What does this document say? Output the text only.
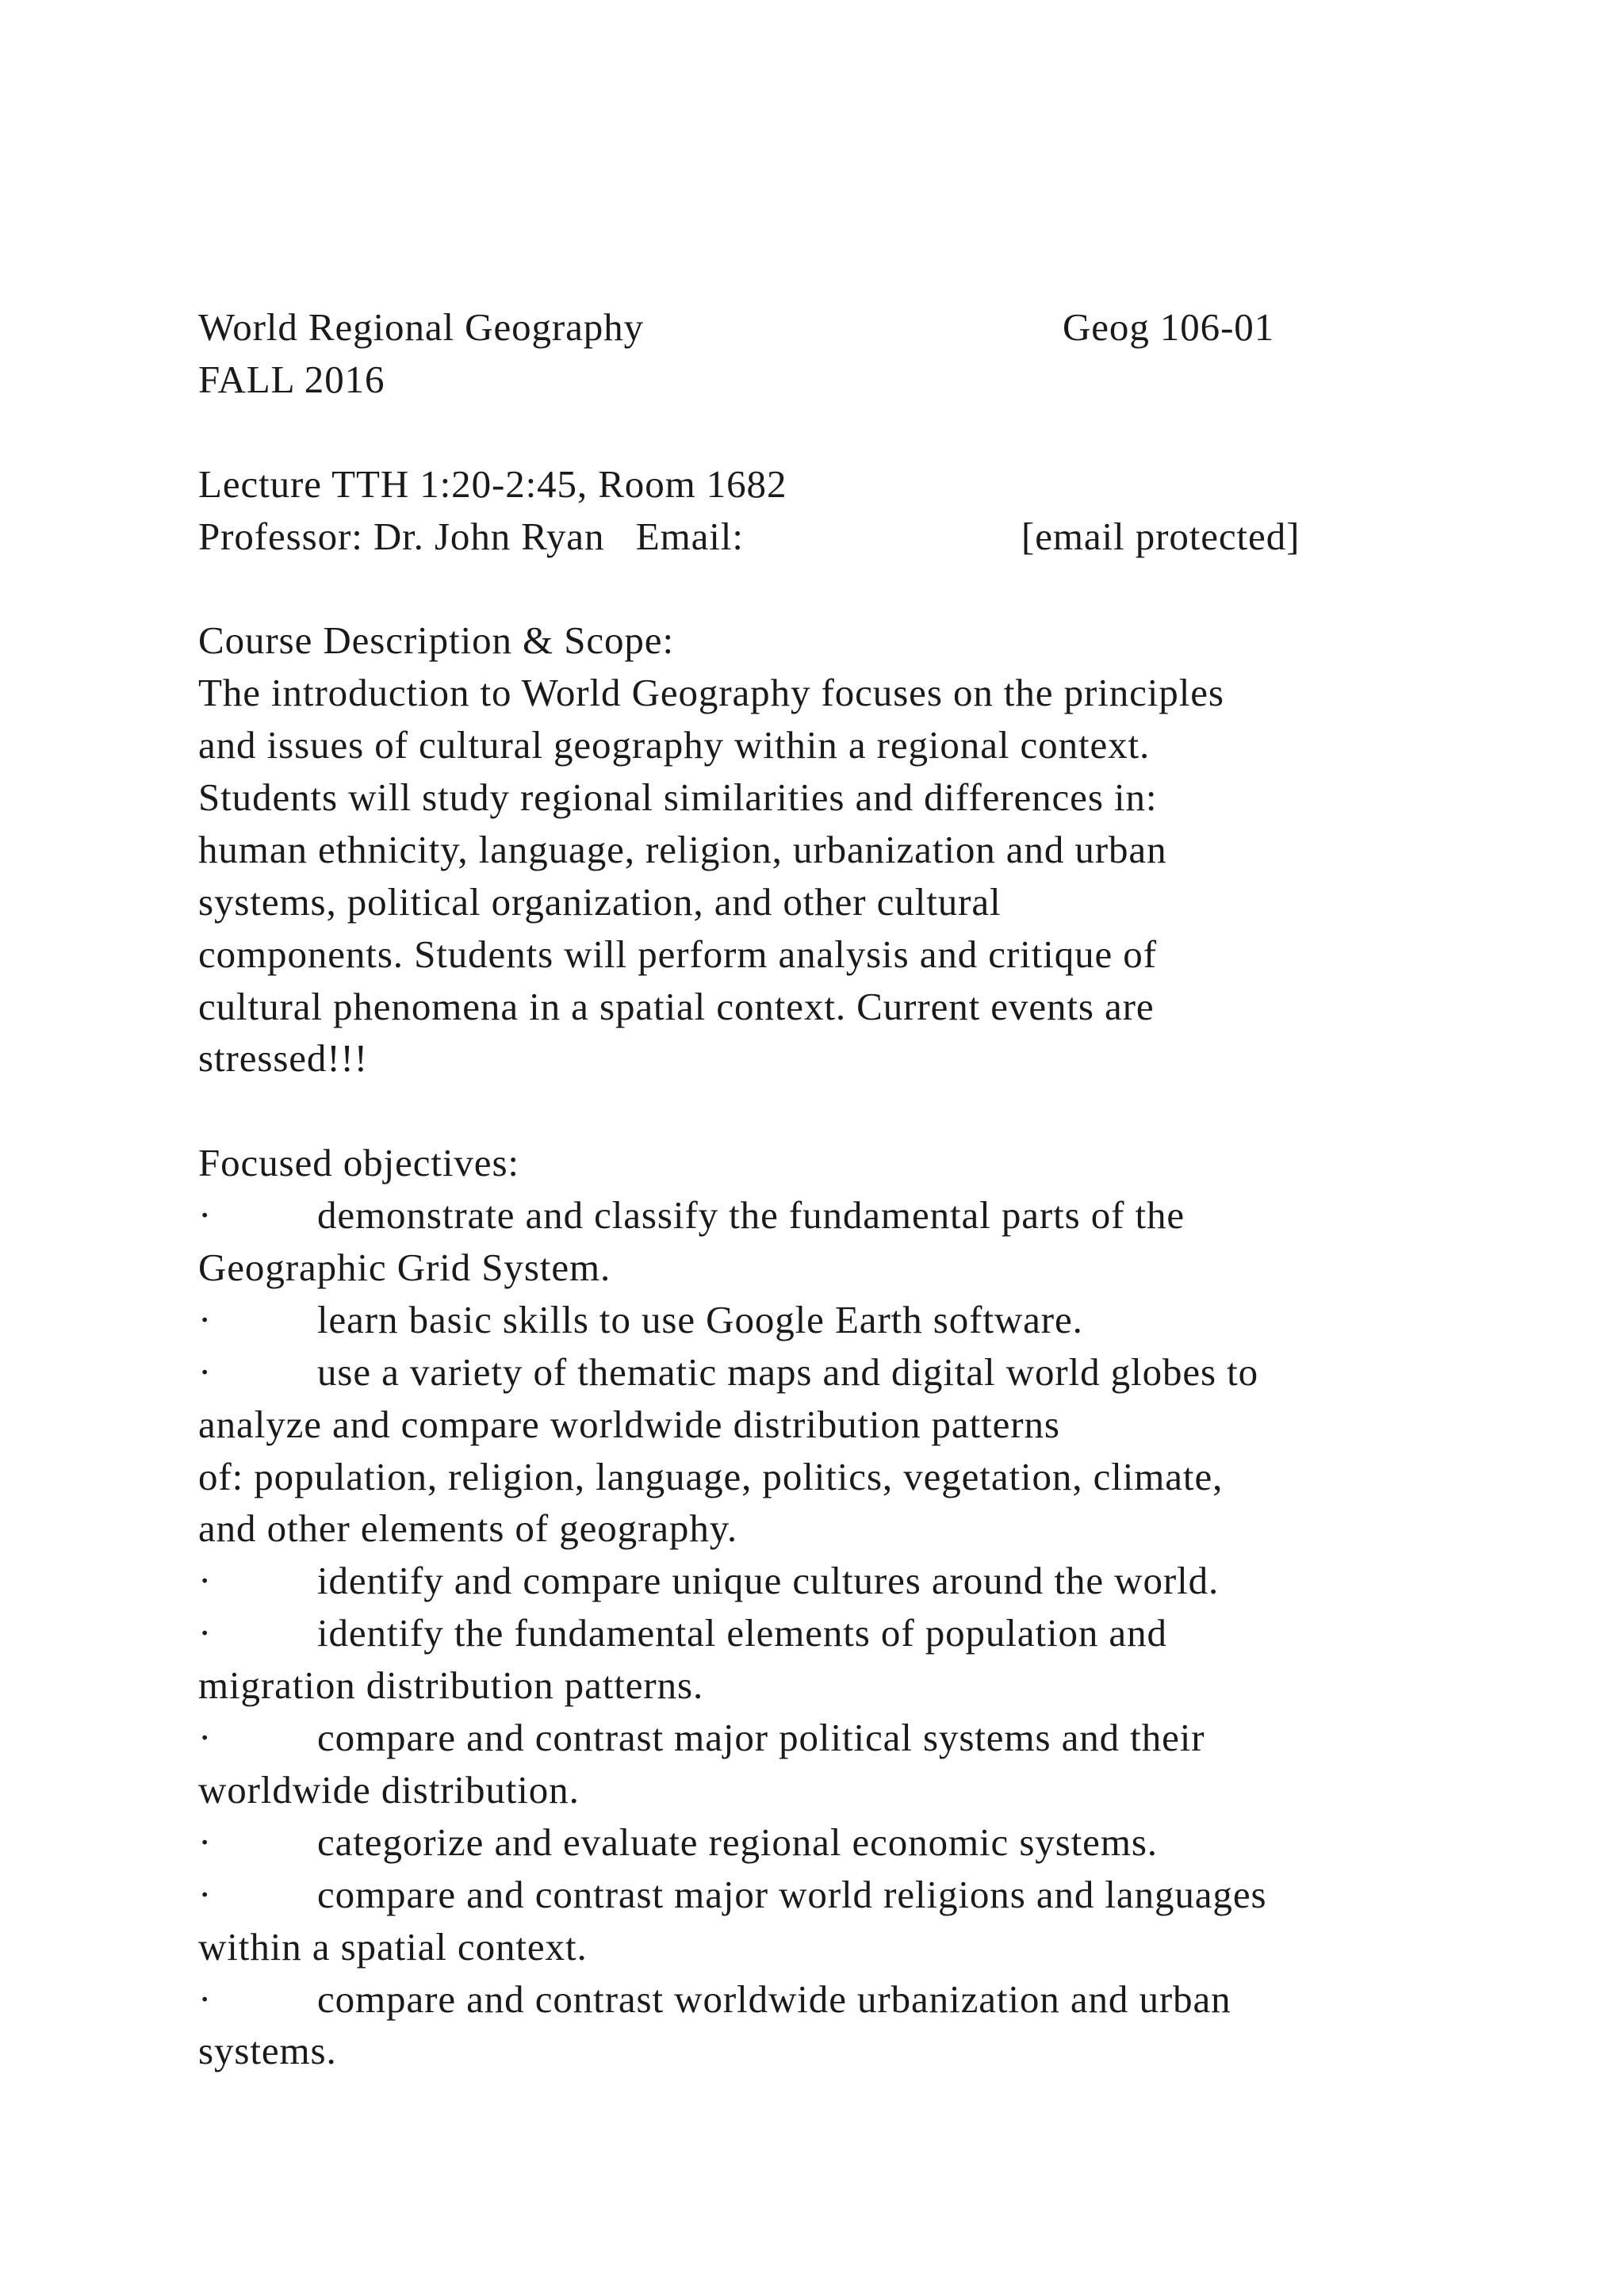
World Regional Geography	Geog 106-01
FALL 2016
Lecture TTH 1:20-2:45, Room 1682
Professor: Dr. John Ryan Email:	[email protected]
Course Description & Scope:
The introduction to World Geography focuses on the principles
and issues of cultural geography within a regional context.
Students will study regional similarities and differences in:
human ethnicity, language, religion, urbanization and urban
systems, political organization, and other cultural
components. Students will perform analysis and critique of
cultural phenomena in a spatial context. Current events are
stressed!!!
Focused objectives:
·	demonstrate and classify the fundamental parts of the
Geographic Grid System.
·	learn basic skills to use Google Earth software.
·	use a variety of thematic maps and digital world globes to
analyze and compare worldwide distribution patterns
of: population, religion, language, politics, vegetation, climate,
and other elements of geography.
·	identify and compare unique cultures around the world.
·	identify the fundamental elements of population and
migration distribution patterns.
·	compare and contrast major political systems and their
worldwide distribution.
·	categorize and evaluate regional economic systems.
·	compare and contrast major world religions and languages
within a spatial context.
·	compare and contrast worldwide urbanization and urban
systems.
